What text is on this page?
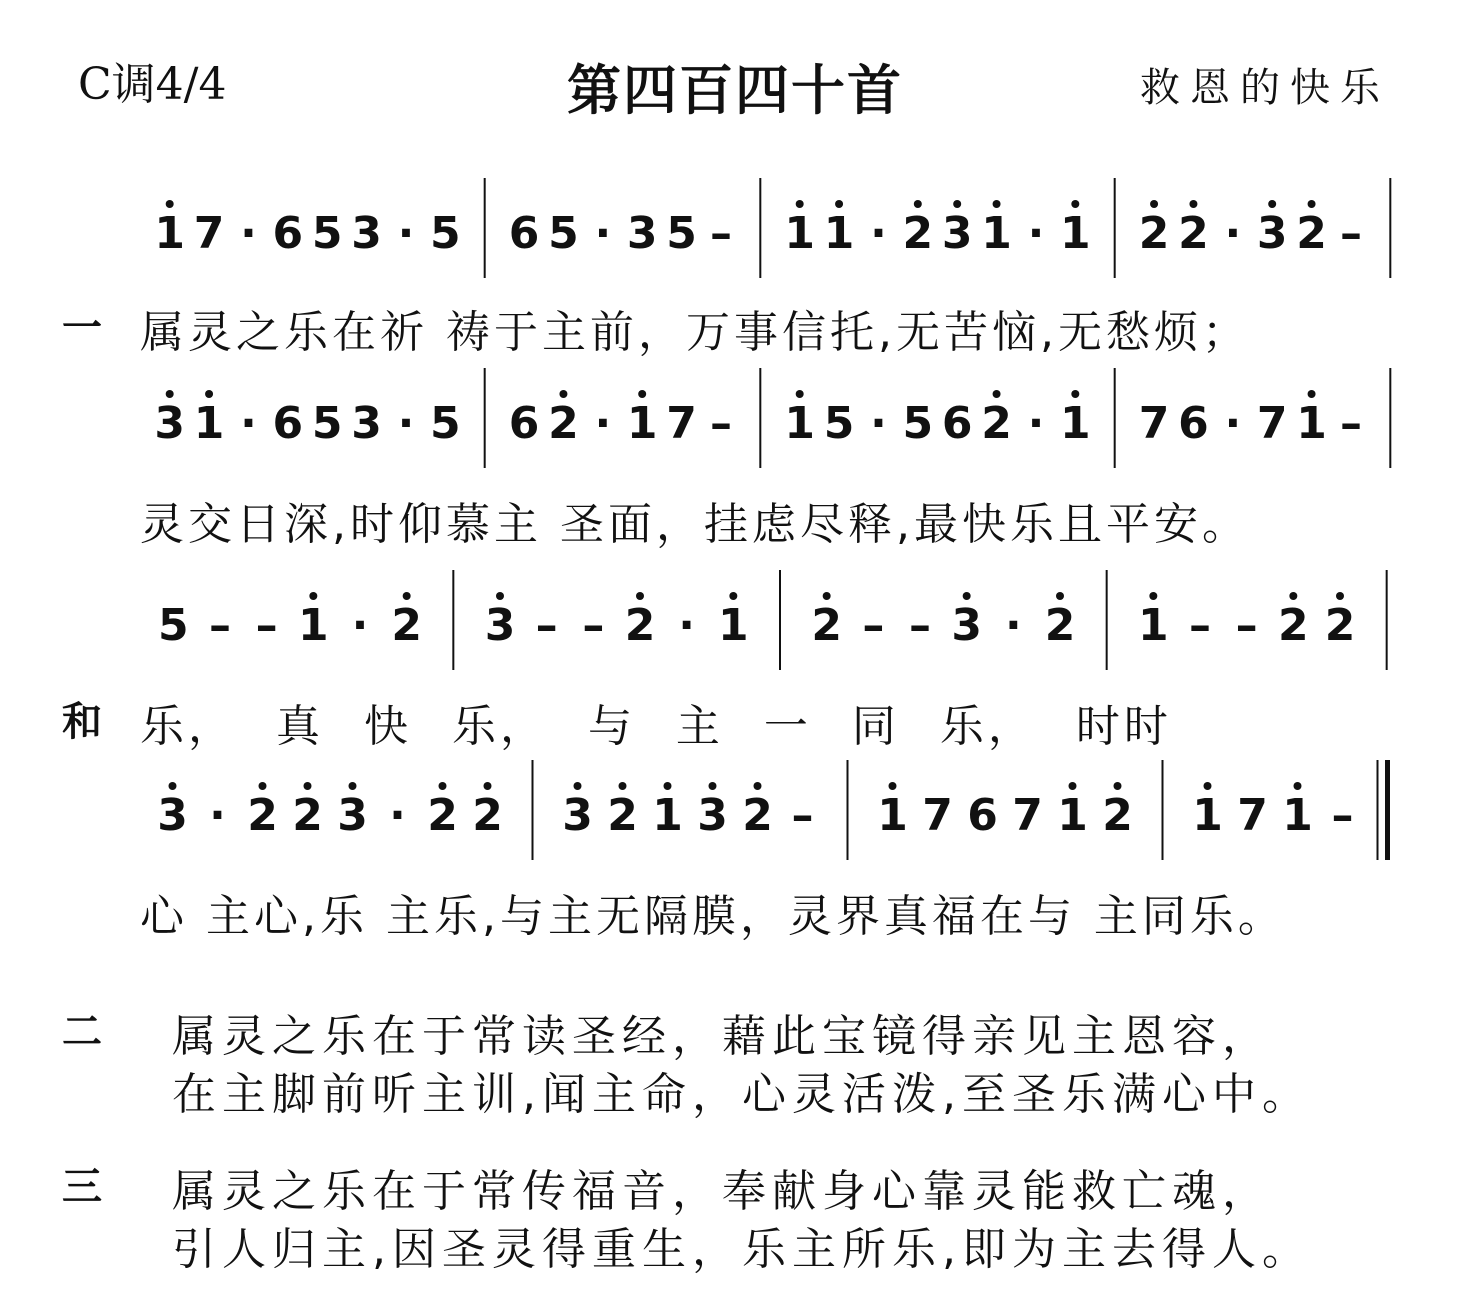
C调4/4	第四百四十首	救恩的快乐
1 7 · 6 5 3 · 5 6 5 · 3 5 – 1 1 · 2 3 1 · 1 2 2 · 3 2 –
3 1 · 6 5 3 · 5 6 2 · 1 7 – 1 5 · 5 6 2 · 1 7 6 · 7 1 –
5 – – 1 · 2 3 – – 2 · 1 2 – – 3 · 2 1 – – 2 2
3 · 2 2 3 · 2 2 3 2 1 3 2 – 1 7 6 7 1 2 1 7 1 –
一
和
二
三
属灵之乐在祈 祷于主前，万事信托,无苦恼,无愁烦；
灵交日深,时仰慕主 圣面，挂虑尽释,最快乐且平安。
乐， 真 快 乐， 与 主 一 同 乐， 时时
心 主心,乐 主乐,与主无隔膜，灵界真福在与 主同乐。
属灵之乐在于常读圣经，藉此宝镜得亲见主恩容，
在主脚前听主训,闻主命，心灵活泼,至圣乐满心中。
属灵之乐在于常传福音，奉献身心靠灵能救亡魂，
引人归主,因圣灵得重生，乐主所乐,即为主去得人。
